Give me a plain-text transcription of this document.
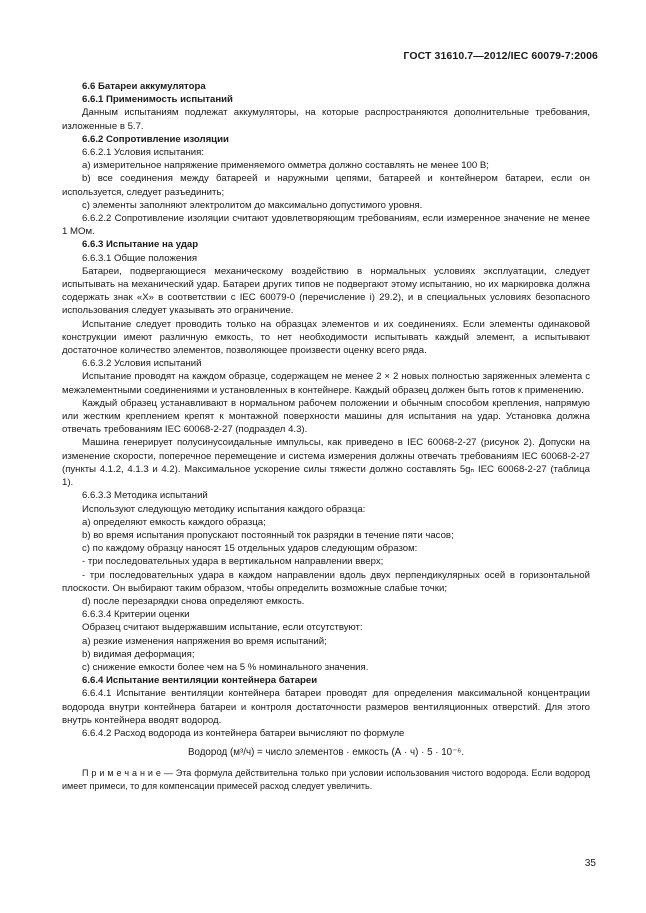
ГОСТ 31610.7—2012/IEC 60079-7:2006

6.6 Батареи аккумулятора

6.6.1 Применимость испытаний

Данным испытаниям подлежат аккумуляторы, на которые распространяются дополнительные требования, изложенные в 5.7.

6.6.2 Сопротивление изоляции

6.6.2.1 Условия испытания:

a) измерительное напряжение применяемого омметра должно составлять не менее 100 В;

b) все соединения между батареей и наружными цепями, батареей и контейнером батареи, если он используется, следует разъединить;

c) элементы заполняют электролитом до максимально допустимого уровня.

6.6.2.2 Сопротивление изоляции считают удовлетворяющим требованиям, если измеренное значение не менее 1 МОм.

6.6.3 Испытание на удар

6.6.3.1 Общие положения

Батареи, подвергающиеся механическому воздействию в нормальных условиях эксплуатации, следует испытывать на механический удар. Батареи других типов не подвергают этому испытанию, но их маркировка должна содержать знак «X» в соответствии с IEC 60079-0 (перечисление i) 29.2), и в специальных условиях безопасного использования следует указывать это ограничение.

Испытание следует проводить только на образцах элементов и их соединениях. Если элементы одинаковой конструкции имеют различную емкость, то нет необходимости испытывать каждый элемент, а испытывают достаточное количество элементов, позволяющее произвести оценку всего ряда.

6.6.3.2 Условия испытаний

Испытание проводят на каждом образце, содержащем не менее 2 × 2 новых полностью заряженных элемента с межэлементными соединениями и установленных в контейнере. Каждый образец должен быть готов к применению.

Каждый образец устанавливают в нормальном рабочем положении и обычным способом крепления, напрямую или жестким креплением крепят к монтажной поверхности машины для испытания на удар. Установка должна отвечать требованиям IEC 60068-2-27 (подраздел 4.3).

Машина генерирует полусинусоидальные импульсы, как приведено в IEC 60068-2-27 (рисунок 2). Допуски на изменение скорости, поперечное перемещение и система измерения должны отвечать требованиям IEC 60068-2-27 (пункты 4.1.2, 4.1.3 и 4.2). Максимальное ускорение силы тяжести должно составлять 5gₙ IEC 60068-2-27 (таблица 1).

6.6.3.3 Методика испытаний

Используют следующую методику испытания каждого образца:

a) определяют емкость каждого образца;

b) во время испытания пропускают постоянный ток разрядки в течение пяти часов;

c) по каждому образцу наносят 15 отдельных ударов следующим образом:

- три последовательных удара в вертикальном направлении вверх;

- три последовательных удара в каждом направлении вдоль двух перпендикулярных осей в горизонтальной плоскости. Он выбирают таким образом, чтобы определить возможные слабые точки;

d) после перезарядки снова определяют емкость.

6.6.3.4 Критерии оценки

Образец считают выдержавшим испытание, если отсутствуют:

a) резкие изменения напряжения во время испытаний;

b) видимая деформация;

c) снижение емкости более чем на 5 % номинального значения.

6.6.4 Испытание вентиляции контейнера батареи

6.6.4.1 Испытание вентиляции контейнера батареи проводят для определения максимальной концентрации водорода внутри контейнера батареи и контроля достаточности размеров вентиляционных отверстий. Для этого внутрь контейнера вводят водород.

6.6.4.2 Расход водорода из контейнера батареи вычисляют по формуле

Водород (м³/ч) = число элементов · емкость (А · ч) · 5 · 10⁻⁶.

П р и м е ч а н и е — Эта формула действительна только при условии использования чистого водорода. Если водород имеет примеси, то для компенсации примесей расход следует увеличить.

35
